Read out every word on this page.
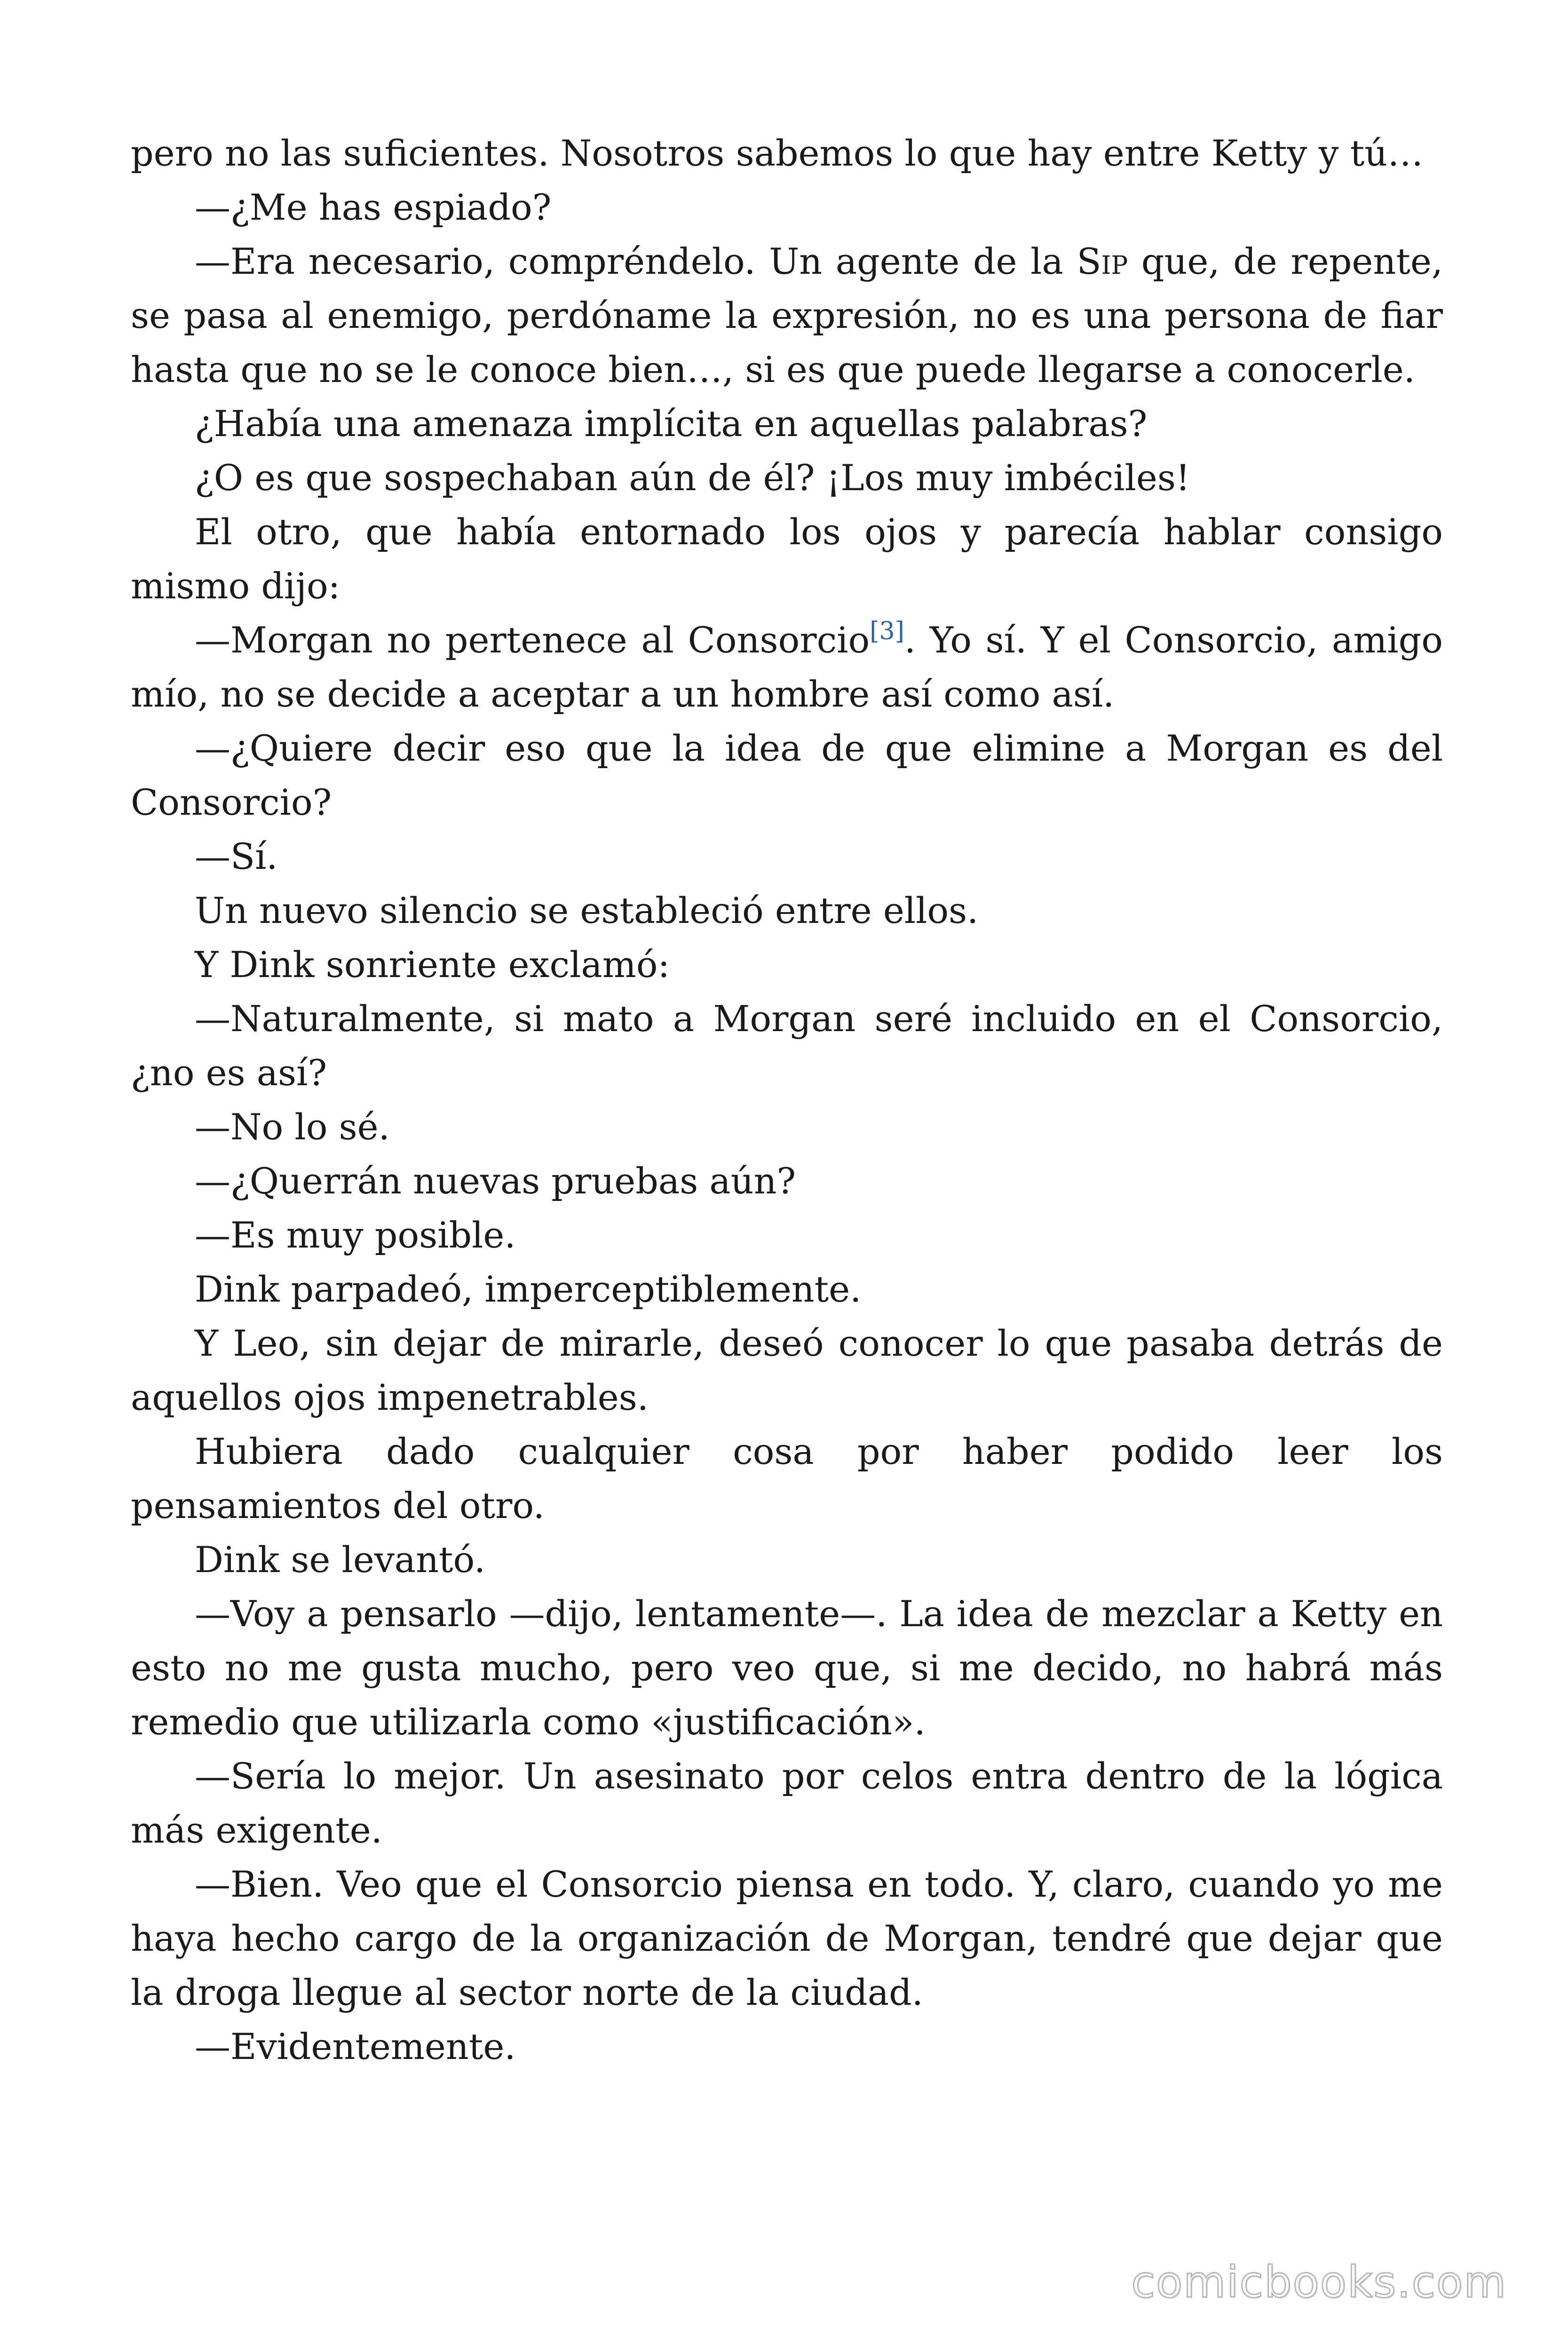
pero no las suficientes. Nosotros sabemos lo que hay entre Ketty y tú…

—¿Me has espiado?

—Era necesario, compréndelo. Un agente de la Sip que, de repente, se pasa al enemigo, perdóname la expresión, no es una persona de fiar hasta que no se le conoce bien…, si es que puede llegarse a conocerle.

¿Había una amenaza implícita en aquellas palabras?

¿O es que sospechaban aún de él? ¡Los muy imbéciles!

El otro, que había entornado los ojos y parecía hablar consigo mismo dijo:

—Morgan no pertenece al Consorcio[3]. Yo sí. Y el Consorcio, amigo mío, no se decide a aceptar a un hombre así como así.

—¿Quiere decir eso que la idea de que elimine a Morgan es del Consorcio?

—Sí.

Un nuevo silencio se estableció entre ellos.

Y Dink sonriente exclamó:

—Naturalmente, si mato a Morgan seré incluido en el Consorcio, ¿no es así?

—No lo sé.

—¿Querrán nuevas pruebas aún?

—Es muy posible.

Dink parpadeó, imperceptiblemente.

Y Leo, sin dejar de mirarle, deseó conocer lo que pasaba detrás de aquellos ojos impenetrables.

Hubiera dado cualquier cosa por haber podido leer los pensamientos del otro.

Dink se levantó.

—Voy a pensarlo —dijo, lentamente—. La idea de mezclar a Ketty en esto no me gusta mucho, pero veo que, si me decido, no habrá más remedio que utilizarla como «justificación».

—Sería lo mejor. Un asesinato por celos entra dentro de la lógica más exigente.

—Bien. Veo que el Consorcio piensa en todo. Y, claro, cuando yo me haya hecho cargo de la organización de Morgan, tendré que dejar que la droga llegue al sector norte de la ciudad.

—Evidentemente.

comicbooks.com
